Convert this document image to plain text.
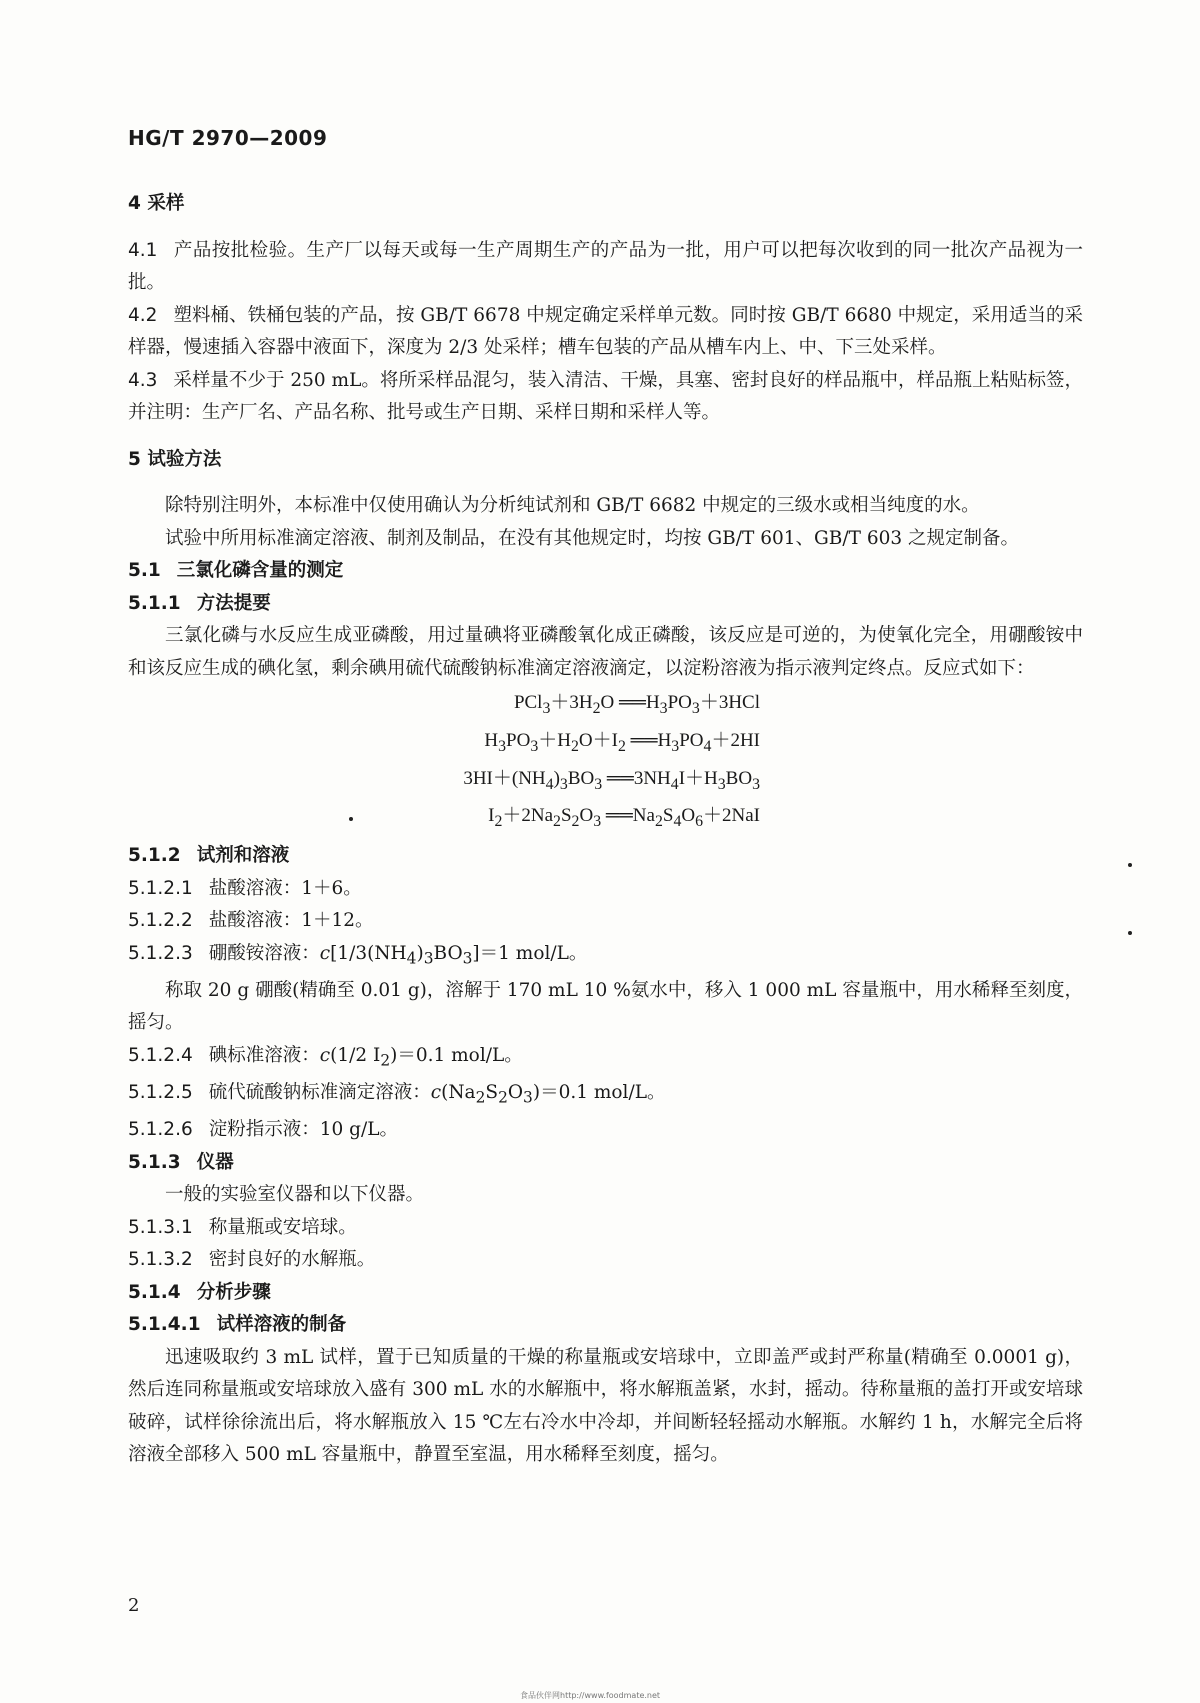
HG/T 2970—2009

4 采样

4.1 产品按批检验。生产厂以每天或每一生产周期生产的产品为一批，用户可以把每次收到的同一批次产品视为一批。

4.2 塑料桶、铁桶包装的产品，按 GB/T 6678 中规定确定采样单元数。同时按 GB/T 6680 中规定，采用适当的采样器，慢速插入容器中液面下，深度为 2/3 处采样；槽车包装的产品从槽车内上、中、下三处采样。

4.3 采样量不少于 250 mL。将所采样品混匀，装入清洁、干燥，具塞、密封良好的样品瓶中，样品瓶上粘贴标签，并注明：生产厂名、产品名称、批号或生产日期、采样日期和采样人等。

5 试验方法

除特别注明外，本标准中仅使用确认为分析纯试剂和 GB/T 6682 中规定的三级水或相当纯度的水。

试验中所用标准滴定溶液、制剂及制品，在没有其他规定时，均按 GB/T 601、GB/T 603 之规定制备。

5.1 三氯化磷含量的测定

5.1.1 方法提要

三氯化磷与水反应生成亚磷酸，用过量碘将亚磷酸氧化成正磷酸，该反应是可逆的，为使氧化完全，用硼酸铵中和该反应生成的碘化氢，剩余碘用硫代硫酸钠标准滴定溶液滴定，以淀粉溶液为指示液判定终点。反应式如下：

$PCl_3+3H_2O$ $══H_3PO_3+3HCl$
$H_3PO_3+H_2O+I_2$ $══H_3PO_4+2HI$
$3HI+(NH_4)_3BO_3$ $══3NH_4I+H_3BO_3$
$I_2+2Na_2S_2O_3$ $══Na_2S_4O_6+2NaI$

5.1.2 试剂和溶液

5.1.2.1 盐酸溶液：1＋6。

5.1.2.2 盐酸溶液：1＋12。

5.1.2.3 硼酸铵溶液：$c[1/3(NH_4)_3BO_3]=1$ mol/L。

称取 20 g 硼酸(精确至 0.01 g)，溶解于 170 mL 10 %氨水中，移入 1 000 mL 容量瓶中，用水稀释至刻度，摇匀。

5.1.2.4 碘标准溶液：c(1/2 $I_2)=0.1$ mol/L。

5.1.2.5 硫代硫酸钠标准滴定溶液：$c(Na_2S_2O_3)=0.1$ mol/L。

5.1.2.6 淀粉指示液：10 g/L。

5.1.3 仪器

一般的实验室仪器和以下仪器。

5.1.3.1 称量瓶或安培球。

5.1.3.2 密封良好的水解瓶。

5.1.4 分析步骤

5.1.4.1 试样溶液的制备

迅速吸取约 3 mL 试样，置于已知质量的干燥的称量瓶或安培球中，立即盖严或封严称量(精确至 0.0001 g)，然后连同称量瓶或安培球放入盛有 300 mL 水的水解瓶中，将水解瓶盖紧，水封，摇动。待称量瓶的盖打开或安培球破碎，试样徐徐流出后，将水解瓶放入 15 ℃左右冷水中冷却，并间断轻轻摇动水解瓶。水解约 1 h，水解完全后将溶液全部移入 500 mL 容量瓶中，静置至室温，用水稀释至刻度，摇匀。

2
食品伙伴网http://www.foodmate.net
